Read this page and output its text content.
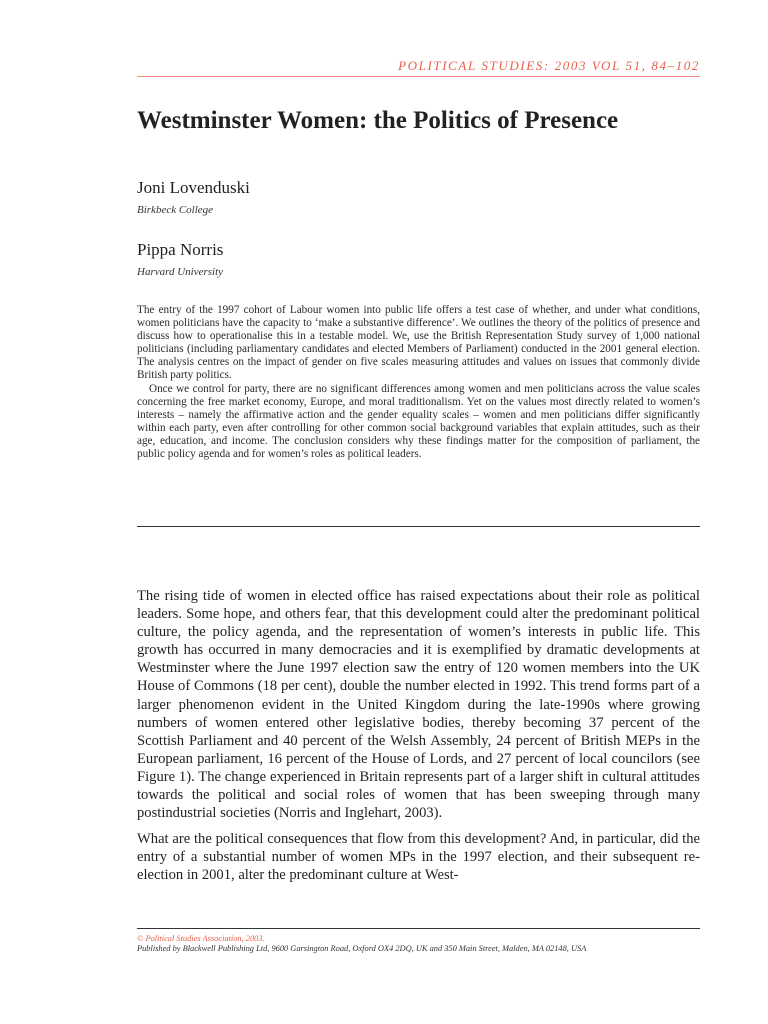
POLITICAL STUDIES: 2003 VOL 51, 84–102
Westminster Women: the Politics of Presence
Joni Lovenduski
Birkbeck College
Pippa Norris
Harvard University

The entry of the 1997 cohort of Labour women into public life offers a test case of whether, and under what conditions, women politicians have the capacity to ‘make a substantive difference’. We outlines the theory of the politics of presence and discuss how to operationalise this in a testable model. We, use the British Representation Study survey of 1,000 national politicians (including parliamentary candidates and elected Members of Parliament) conducted in the 2001 general election. The analysis centres on the impact of gender on five scales measuring attitudes and values on issues that commonly divide British party politics.

Once we control for party, there are no significant differences among women and men politicians across the value scales concerning the free market economy, Europe, and moral traditionalism. Yet on the values most directly related to women’s interests – namely the affirmative action and the gender equality scales – women and men politicians differ significantly within each party, even after controlling for other common social background variables that explain attitudes, such as their age, education, and income. The conclusion considers why these findings matter for the composition of parliament, the public policy agenda and for women’s roles as political leaders.

The rising tide of women in elected office has raised expectations about their role as political leaders. Some hope, and others fear, that this development could alter the predominant political culture, the policy agenda, and the representation of women’s interests in public life. This growth has occurred in many democracies and it is exemplified by dramatic developments at Westminster where the June 1997 election saw the entry of 120 women members into the UK House of Commons (18 per cent), double the number elected in 1992. This trend forms part of a larger phenomenon evident in the United Kingdom during the late-1990s where growing numbers of women entered other legislative bodies, thereby becoming 37 percent of the Scottish Parliament and 40 percent of the Welsh Assembly, 24 percent of British MEPs in the European parliament, 16 percent of the House of Lords, and 27 percent of local councilors (see Figure 1). The change experienced in Britain represents part of a larger shift in cultural attitudes towards the political and social roles of women that has been sweeping through many postindustrial societies (Norris and Inglehart, 2003).

What are the political consequences that flow from this development? And, in particular, did the entry of a substantial number of women MPs in the 1997 election, and their subsequent re-election in 2001, alter the predominant culture at West-

© Political Studies Association, 2003.
Published by Blackwell Publishing Ltd, 9600 Garsington Road, Oxford OX4 2DQ, UK and 350 Main Street, Malden, MA 02148, USA
